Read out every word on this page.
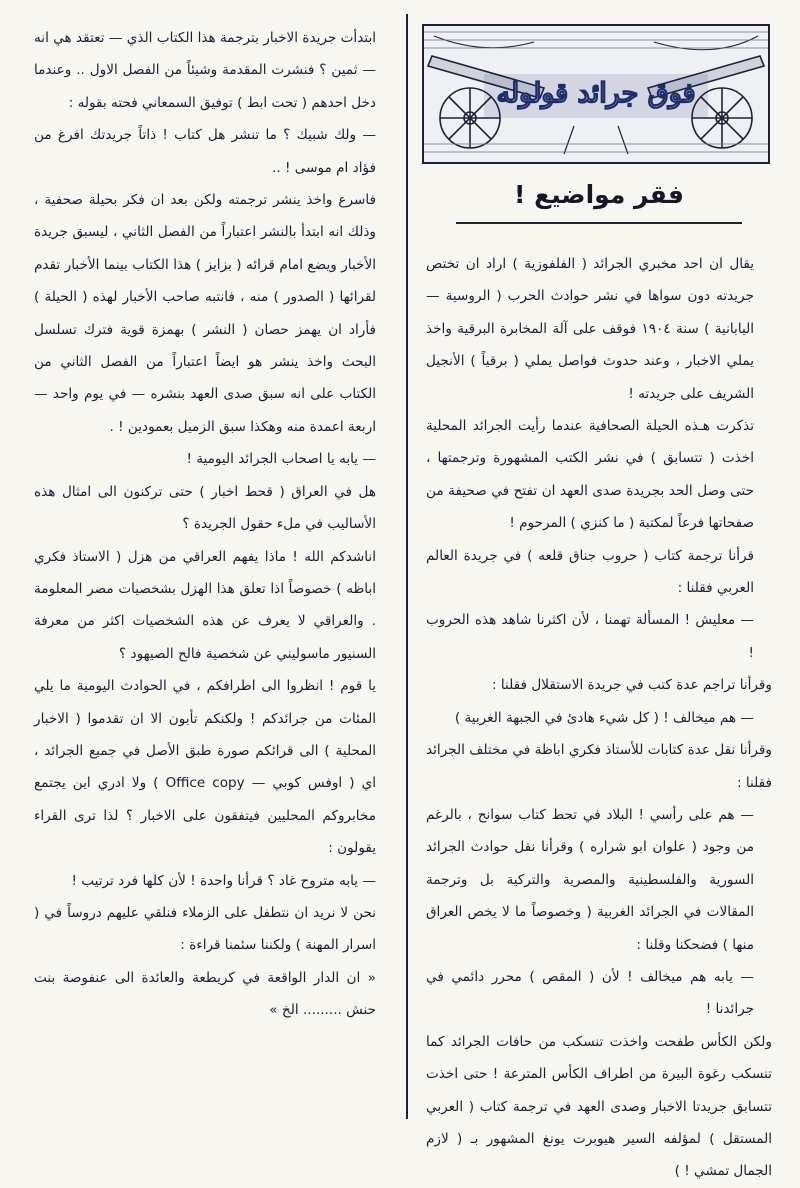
فوق جرائد قولوله
فقر مواضيع !

يقال ان احد مخبري الجرائد ( الفلفوزية ) اراد ان تختص جريدته دون سواها في نشر حوادث الحرب ( الروسية — اليابانية ) سنة ١٩٠٤ فوقف على آلة المخابرة البرقية واخذ يملي الاخبار ، وعند حدوث فواصل يملي ( برقياً ) الأنجيل الشريف على جريدته !

تذكرت هـذه الحيلة الصحافية عندما رأيت الجرائد المحلية اخذت ( تتسابق ) في نشر الكتب المشهورة وترجمتها ، حتى وصل الحد بجريدة صدى العهد ان تفتح في صحيفة من صفحاتها فرعاً لمكتبة ( ما كنزي ) المرحوم !

قرأنا ترجمة كتاب ( حروب جناق قلعه ) في جريدة العالم العربي فقلنا :

— معليش ! المسألة تهمنا ، لأن اكثرنا شاهد هذه الحروب !

وقرأنا تراجم عدة كتب في جريدة الاستقلال فقلنا :

— هم ميخالف ! ( كل شيء هادئ في الجبهة الغربية )

وقرأنا نقل عدة كتابات للأستاذ فكري اباظة في مختلف الجرائد فقلنا :

— هم على رأسي ! البلاد في تحط كتاب سوانح ، بالرغم من وجود ( علوان ابو شراره ) وقرأنا نقل حوادث الجرائد السورية والفلسطينية والمصرية والتركية بل وترجمة المقالات في الجرائد الغربية ( وخصوصاً ما لا يخص العراق منها ) فضحكنا وقلنا :

— يابه هم ميخالف ! لأن ( المقص ) محرر دائمي في جرائدنا !

ولكن الكأس طفحت واخذت تنسكب من حافات الجرائد كما تنسكب رغوة البيرة من اطراف الكأس المترعة ! حتى اخذت تتسابق جريدتا الاخبار وصدى العهد في ترجمة كتاب ( العربي المستقل ) لمؤلفه السير هيوبرت يونغ المشهور بـ ( لازم الجمال تمشي ! )

ابتدأت جريدة الاخبار بترجمة هذا الكتاب الذي — تعتقد هي انه — ثمين ؟ فنشرت المقدمة وشيئاً من الفصل الاول .. وعندما دخل احدهم ( تحت ابط ) توفيق السمعاني فحته بقوله :

— ولك شبيك ؟ ما تنشر هل كتاب ! ذاتاً جريدتك افرغ من فؤاد ام موسى ! ..

فاسرع واخذ ينشر ترجمته ولكن بعد ان فكر بحيلة صحفية ، وذلك انه ابتدأ بالنشر اعتباراً من الفصل الثاني ، ليسبق جريدة الأخبار ويضع امام قرائه ( بزايز ) هذا الكتاب بينما الأخبار تقدم لقرائها ( الصدور ) منه ، فانتبه صاحب الأخبار لهذه ( الحيلة ) فأراد ان يهمز حصان ( النشر ) بهمزة قوية فترك تسلسل البحث واخذ ينشر هو ايضاً اعتباراً من الفصل الثاني من الكتاب على انه سبق صدى العهد بنشره — في يوم واحد — اربعة اعمدة منه وهكذا سبق الزميل بعمودين ! .

— يابه يا اصحاب الجرائد اليومية !

هل في العراق ( قحط اخبار ) حتى تركنون الى امثال هذه الأساليب في ملء حقول الجريدة ؟

اناشدكم الله ! ماذا يفهم العراقي من هزل ( الاستاذ فكري اباظه ) خصوصاً اذا تعلق هذا الهزل بشخصيات مصر المعلومة . والعراقي لا يعرف عن هذه الشخصيات اكثر من معرفة السنيور ماسوليني عن شخصية فالح الصيهود ؟

يا قوم ! انظروا الى اطرافكم ، في الحوادث اليومية ما يلي المئات من جرائدكم ! ولكنكم تأبون الا ان تقدموا ( الاخبار المحلية ) الى قرائكم صورة طبق الأصل في جميع الجرائد ، اي ( اوفس كوبي — Office copy ) ولا ادري اين يجتمع مخابروكم المحليين فيتفقون على الاخبار ؟ لذا ترى القراء يقولون :

— يابه متروح غاد ؟ قرأنا واحدة ! لأن كلها فرد ترتيب !

نحن لا نريد ان نتطفل على الزملاء فنلقي عليهم دروساً في ( اسرار المهنة ) ولكننا سئمنا قراءة :

« ان الدار الواقعة في كريطعة والعائدة الى عنفوصة بنت حنش ......... الخ »
